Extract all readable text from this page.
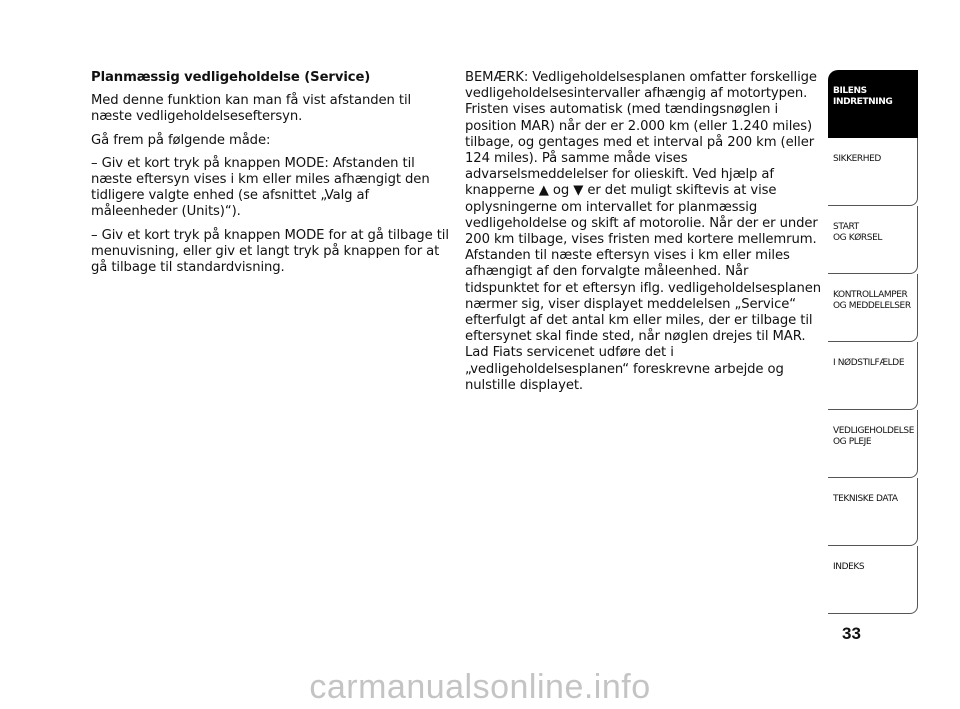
Planmæssig vedligeholdelse (Service)

Med denne funktion kan man få vist afstanden til næste vedligeholdelseseftersyn.

Gå frem på følgende måde:

– Giv et kort tryk på knappen MODE: Afstanden til næste eftersyn vises i km eller miles afhængigt den tidligere valgte enhed (se afsnittet „Valg af måleenheder (Units)“).

– Giv et kort tryk på knappen MODE for at gå tilbage til menuvisning, eller giv et langt tryk på knappen for at gå tilbage til standardvisning.

BEMÆRK: Vedligeholdelsesplanen omfatter forskellige vedligeholdelsesintervaller afhængig af motortypen. Fristen vises automatisk (med tændingsnøglen i position MAR) når der er 2.000 km (eller 1.240 miles) tilbage, og gentages med et interval på 200 km (eller 124 miles). På samme måde vises advarselsmeddelelser for olieskift. Ved hjælp af knapperne ▲ og ▼ er det muligt skiftevis at vise oplysningerne om intervallet for planmæssig vedligeholdelse og skift af motorolie. Når der er under 200 km tilbage, vises fristen med kortere mellemrum. Afstanden til næste eftersyn vises i km eller miles afhængigt af den forvalgte måleenhed. Når tidspunktet for et eftersyn iflg. vedligeholdelsesplanen nærmer sig, viser displayet meddelelsen „Service“ efterfulgt af det antal km eller miles, der er tilbage til eftersynet skal finde sted, når nøglen drejes til MAR. Lad Fiats servicenet udføre det i „vedligeholdelsesplanen“ foreskrevne arbejde og nulstille displayet.

BILENS
INDRETNING
SIKKERHED
START
OG KØRSEL
KONTROLLAMPER
OG MEDDELELSER
I NØDSTILFÆLDE
VEDLIGEHOLDELSE
OG PLEJE
TEKNISKE DATA
INDEKS
33
carmanualsonline.info
